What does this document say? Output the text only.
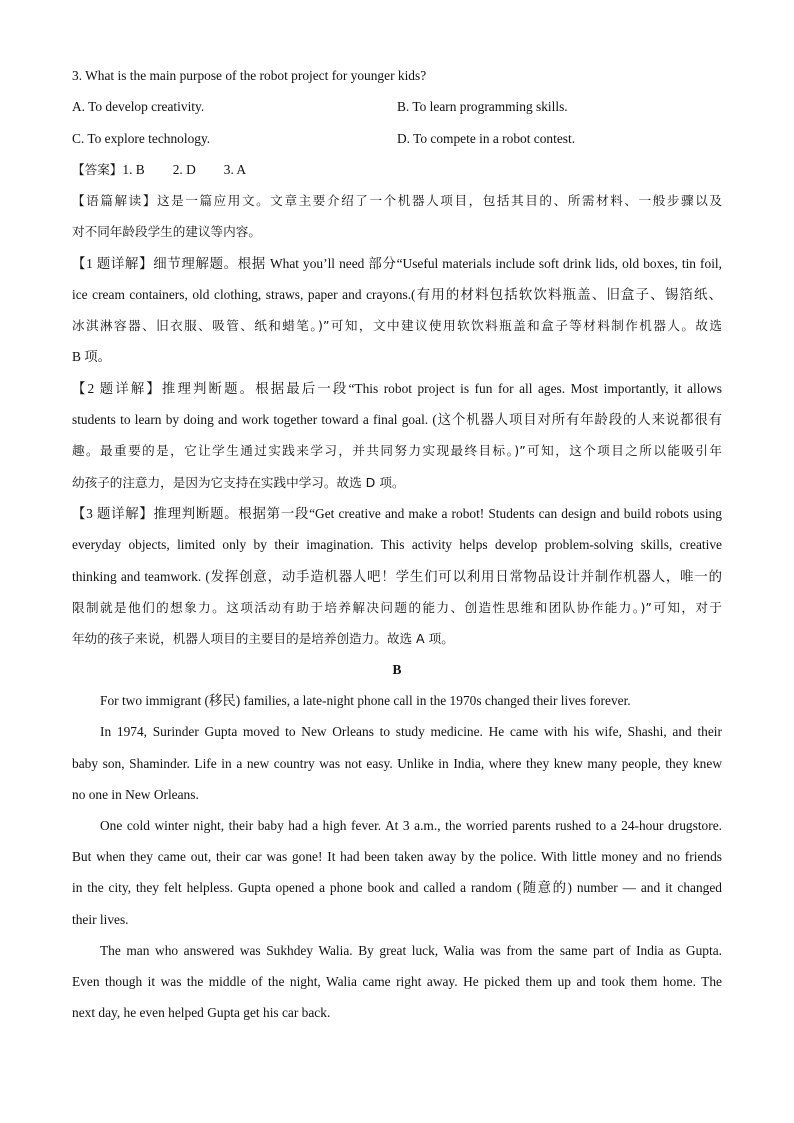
3. What is the main purpose of the robot project for younger kids?
A. To develop creativity.	B. To learn programming skills.
C. To explore technology.	D. To compete in a robot contest.
【答案】1. B 2. D 3. A
【语篇解读】这是一篇应用文。文章主要介绍了一个机器人项目，包括其目的、所需材料、一般步骤以及
对不同年龄段学生的建议等内容。
【1 题详解】细节理解题。根据 What you’ll need 部分“Useful materials include soft drink lids, old boxes, tin foil,
ice cream containers, old clothing, straws, paper and crayons.(有用的材料包括软饮料瓶盖、旧盒子、锡箔纸、
冰淇淋容器、旧衣服、吸管、纸和蜡笔。)”可知，文中建议使用软饮料瓶盖和盒子等材料制作机器人。故选
B 项。
【2 题详解】推理判断题。根据最后一段“This robot project is fun for all ages. Most importantly, it allows
students to learn by doing and work together toward a final goal. (这个机器人项目对所有年龄段的人来说都很有
趣。最重要的是，它让学生通过实践来学习，并共同努力实现最终目标。)”可知，这个项目之所以能吸引年
幼孩子的注意力，是因为它支持在实践中学习。故选 D 项。
【3 题详解】推理判断题。根据第一段“Get creative and make a robot! Students can design and build robots using
everyday objects, limited only by their imagination. This activity helps develop problem-solving skills, creative
thinking and teamwork. (发挥创意，动手造机器人吧！学生们可以利用日常物品设计并制作机器人，唯一的
限制就是他们的想象力。这项活动有助于培养解决问题的能力、创造性思维和团队协作能力。)”可知，对于
年幼的孩子来说，机器人项目的主要目的是培养创造力。故选 A 项。
B
For two immigrant (移民) families, a late-night phone call in the 1970s changed their lives forever.
In 1974, Surinder Gupta moved to New Orleans to study medicine. He came with his wife, Shashi, and their
baby son, Shaminder. Life in a new country was not easy. Unlike in India, where they knew many people, they knew
no one in New Orleans.
One cold winter night, their baby had a high fever. At 3 a.m., the worried parents rushed to a 24-hour drugstore.
But when they came out, their car was gone! It had been taken away by the police. With little money and no friends
in the city, they felt helpless. Gupta opened a phone book and called a random (随意的) number — and it changed
their lives.
The man who answered was Sukhdey Walia. By great luck, Walia was from the same part of India as Gupta.
Even though it was the middle of the night, Walia came right away. He picked them up and took them home. The
next day, he even helped Gupta get his car back.
